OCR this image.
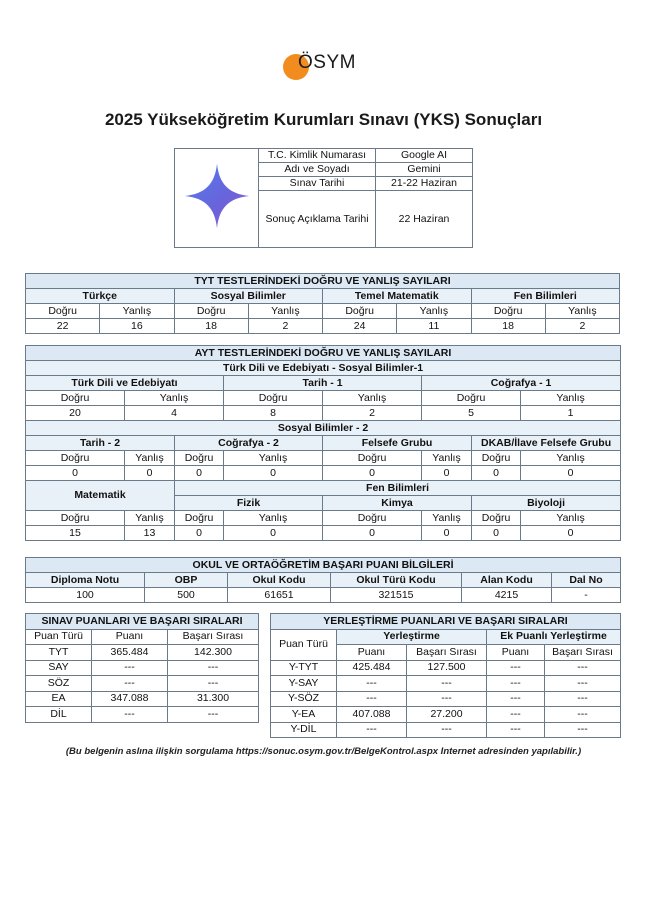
ÖSYM
2025 Yükseköğretim Kurumları Sınavı (YKS) Sonuçları
	T.C. Kimlik Numarası	Google AI
	Adı ve Soyadı	Gemini
	Sınav Tarihi	21-22 Haziran
	Sonuç Açıklama Tarihi	22 Haziran
TYT TESTLERİNDEKİ DOĞRU VE YANLIŞ SAYILARI							
Türkçe		Sosyal Bilimler		Temel Matematik		Fen Bilimleri	
Doğru	Yanlış	Doğru	Yanlış	Doğru	Yanlış	Doğru	Yanlış
22	16	18	2	24	11	18	2
AYT TESTLERİNDEKİ DOĞRU VE YANLIŞ SAYILARI							
Türk Dili ve Edebiyatı - Sosyal Bilimler-1							
Türk Dili ve Edebiyatı			Tarih - 1		Coğrafya - 1		
Doğru	Yanlış		Doğru	Yanlış	Doğru		Yanlış
20	4		8	2	5		1
Sosyal Bilimler - 2							
Tarih - 2		Coğrafya - 2		Felsefe Grubu		DKAB/İlave Felsefe Grubu	
Doğru	Yanlış	Doğru	Yanlış	Doğru	Yanlış	Doğru	Yanlış
0	0	0	0	0	0	0	0
Matematik		Fen Bilimleri					
		Fizik		Kimya		Biyoloji	
Doğru	Yanlış	Doğru	Yanlış	Doğru	Yanlış	Doğru	Yanlış
15	13	0	0	0	0	0	0
OKUL VE ORTAÖĞRETİM BAŞARI PUANI BİLGİLERİ					
Diploma Notu	OBP	Okul Kodu	Okul Türü Kodu	Alan Kodu	Dal No
100	500	61651	321515	4215	-
SINAV PUANLARI VE BAŞARI SIRALARI		
Puan Türü	Puanı	Başarı Sırası
TYT	365.484	142.300
SAY	---	---
SÖZ	---	---
EA	347.088	31.300
DİL	---	---
YERLEŞTİRME PUANLARI VE BAŞARI SIRALARI				
Puan Türü	Yerleştirme		Ek Puanlı Yerleştirme	
	Puanı	Başarı Sırası	Puanı	Başarı Sırası
Y-TYT	425.484	127.500	---	---
Y-SAY	---	---	---	---
Y-SÖZ	---	---	---	---
Y-EA	407.088	27.200	---	---
Y-DİL	---	---	---	---
(Bu belgenin aslına ilişkin sorgulama https://sonuc.osym.gov.tr/BelgeKontrol.aspx Internet adresinden yapılabilir.)
